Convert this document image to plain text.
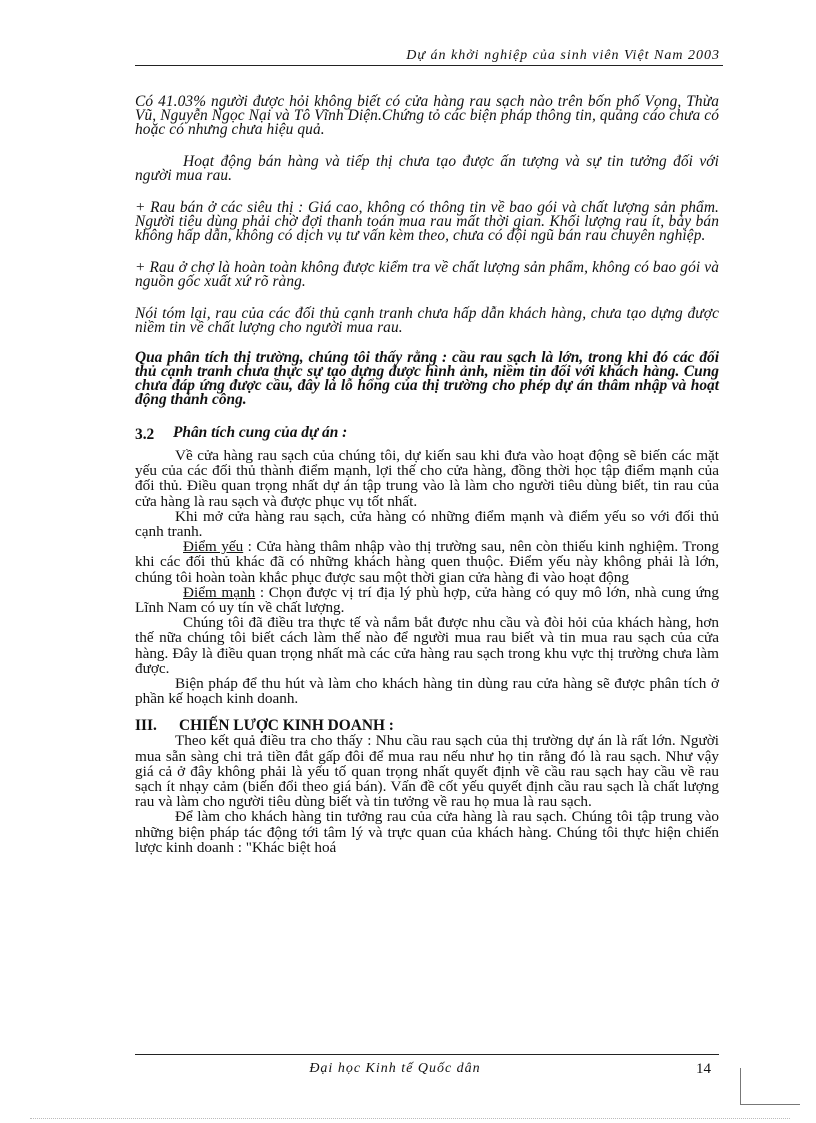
Dự án khởi nghiệp của sinh viên Việt Nam 2003

Có 41.03% người được hỏi không biết có cửa hàng rau sạch nào trên bốn phố Vọng, Thừa Vũ, Nguyễn Ngọc Nại và Tô Vĩnh Diện.Chứng tỏ các biện pháp thông tin, quảng cáo chưa có hoặc có nhưng chưa hiệu quả.

Hoạt động bán hàng và tiếp thị chưa tạo được ấn tượng và sự tin tưởng đối với người mua rau.

+ Rau bán ở các siêu thị : Giá cao, không có thông tin về bao gói và chất lượng sản phẩm. Người tiêu dùng phải chờ đợi thanh toán mua rau mất thời gian. Khối lượng rau ít, bày bán không hấp dẫn, không có dịch vụ tư vấn kèm theo, chưa có đội ngũ bán rau chuyên nghiệp.

+ Rau ở chợ là hoàn toàn không được kiểm tra về chất lượng sản phẩm, không có bao gói và nguồn gốc xuất xứ rõ ràng.

Nói tóm lại, rau của các đối thủ cạnh tranh chưa hấp dẫn khách hàng, chưa tạo dựng được niềm tin về chất lượng cho người mua rau.

Qua phân tích thị trường, chúng tôi thấy rằng : cầu rau sạch là lớn, trong khi đó các đối thủ cạnh tranh chưa thực sự tạo dựng được hình ảnh, niềm tin đối với khách hàng. Cung chưa đáp ứng được cầu, đây là lỗ hổng của thị trường cho phép dự án thâm nhập và hoạt động thành công.

3.2 Phân tích cung của dự án :

Về cửa hàng rau sạch của chúng tôi, dự kiến sau khi đưa vào hoạt động sẽ biến các mặt yếu của các đối thủ thành điểm mạnh, lợi thế cho cửa hàng, đồng thời học tập điểm mạnh của đối thủ. Điều quan trọng nhất dự án tập trung vào là làm cho người tiêu dùng biết, tin rau của cửa hàng là rau sạch và được phục vụ tốt nhất.

Khi mở cửa hàng rau sạch, cửa hàng có những điểm mạnh và điểm yếu so với đối thủ cạnh tranh.

Điểm yếu : Cửa hàng thâm nhập vào thị trường sau, nên còn thiếu kinh nghiệm. Trong khi các đối thủ khác đã có những khách hàng quen thuộc. Điểm yếu này không phải là lớn, chúng tôi hoàn toàn khắc phục được sau một thời gian cửa hàng đi vào hoạt động

Điểm mạnh : Chọn được vị trí địa lý phù hợp, cửa hàng có quy mô lớn, nhà cung ứng Lĩnh Nam có uy tín về chất lượng.

Chúng tôi đã điều tra thực tế và nắm bắt được nhu cầu và đòi hỏi của khách hàng, hơn thế nữa chúng tôi biết cách làm thế nào để người mua rau biết và tin mua rau sạch của cửa hàng. Đây là điều quan trọng nhất mà các cửa hàng rau sạch trong khu vực thị trường chưa làm được.

Biện pháp để thu hút và làm cho khách hàng tin dùng rau cửa hàng sẽ được phân tích ở phần kế hoạch kinh doanh.

III. CHIẾN LƯỢC KINH DOANH :

Theo kết quả điều tra cho thấy : Nhu cầu rau sạch của thị trường dự án là rất lớn. Người mua sẵn sàng chi trả tiền đắt gấp đôi để mua rau nếu như họ tin rằng đó là rau sạch. Như vậy giá cả ở đây không phải là yếu tố quan trọng nhất quyết định về cầu rau sạch hay cầu về rau sạch ít nhạy cảm (biến đổi theo giá bán). Vấn đề cốt yếu quyết định cầu rau sạch là chất lượng rau và làm cho người tiêu dùng biết và tin tưởng về rau họ mua là rau sạch.

Để làm cho khách hàng tin tưởng rau của cửa hàng là rau sạch. Chúng tôi tập trung vào những biện pháp tác động tới tâm lý và trực quan của khách hàng. Chúng tôi thực hiện chiến lược kinh doanh : "Khác biệt hoá

Đại học Kinh tế Quốc dân	14
